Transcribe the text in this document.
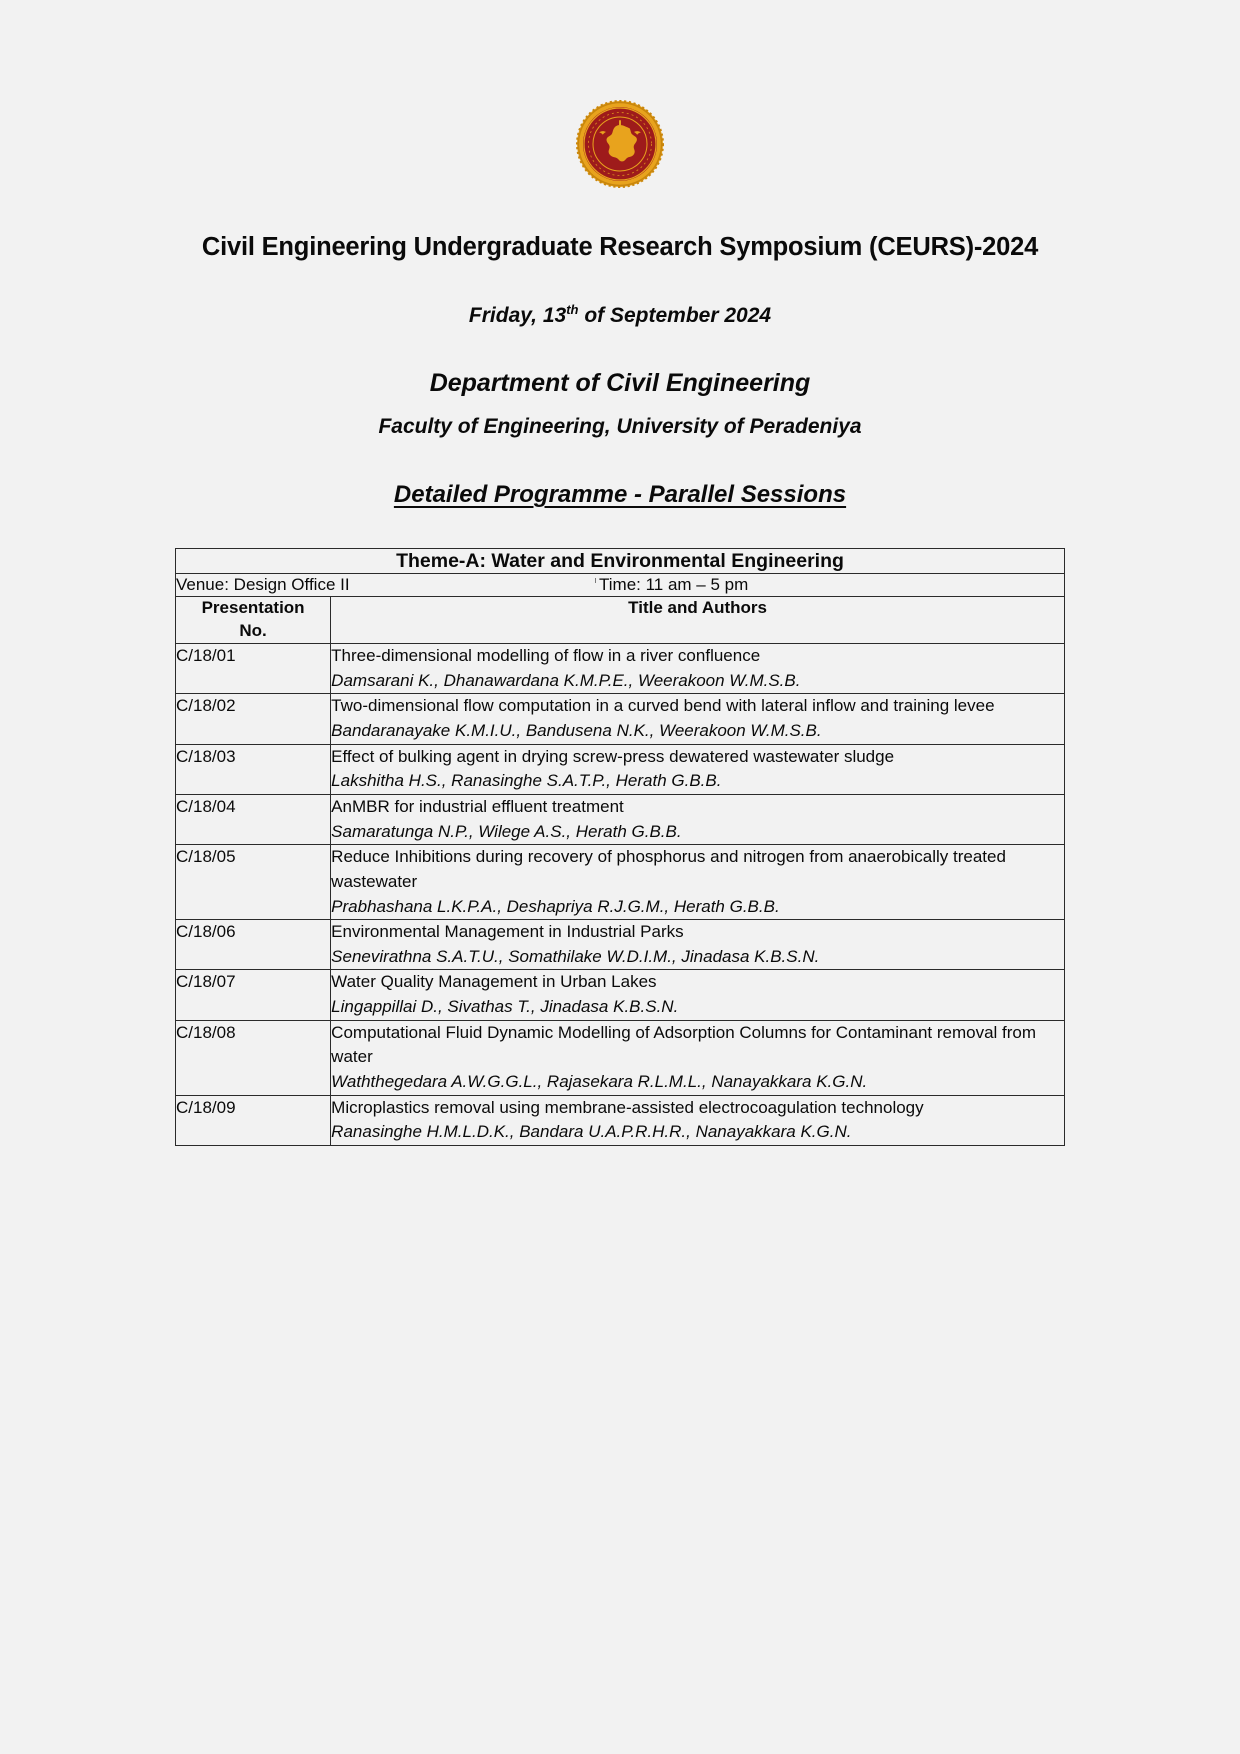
Civil Engineering Undergraduate Research Symposium (CEURS)-2024
Friday, 13th of September 2024
Department of Civil Engineering
Faculty of Engineering, University of Peradeniya
Detailed Programme - Parallel Sessions
Theme-A: Water and Environmental Engineering	

Venue: Design Office II Time: 11 am – 5 pm	

Presentation
No.	Title and Authors
C/18/01	Three-dimensional modelling of flow in a river confluence
Damsarani K., Dhanawardana K.M.P.E., Weerakoon W.M.S.B.

C/18/02	Two-dimensional flow computation in a curved bend with lateral inflow and training levee
Bandaranayake K.M.I.U., Bandusena N.K., Weerakoon W.M.S.B.

C/18/03	Effect of bulking agent in drying screw-press dewatered wastewater sludge
Lakshitha H.S., Ranasinghe S.A.T.P., Herath G.B.B.

C/18/04	AnMBR for industrial effluent treatment
Samaratunga N.P., Wilege A.S., Herath G.B.B.

C/18/05	Reduce Inhibitions during recovery of phosphorus and nitrogen from anaerobically treated wastewater
Prabhashana L.K.P.A., Deshapriya R.J.G.M., Herath G.B.B.

C/18/06	Environmental Management in Industrial Parks
Senevirathna S.A.T.U., Somathilake W.D.I.M., Jinadasa K.B.S.N.

C/18/07	Water Quality Management in Urban Lakes
Lingappillai D., Sivathas T., Jinadasa K.B.S.N.

C/18/08	Computational Fluid Dynamic Modelling of Adsorption Columns for Contaminant removal from water
Waththegedara A.W.G.G.L., Rajasekara R.L.M.L., Nanayakkara K.G.N.

C/18/09	Microplastics removal using membrane-assisted electrocoagulation technology
Ranasinghe H.M.L.D.K., Bandara U.A.P.R.H.R., Nanayakkara K.G.N.
